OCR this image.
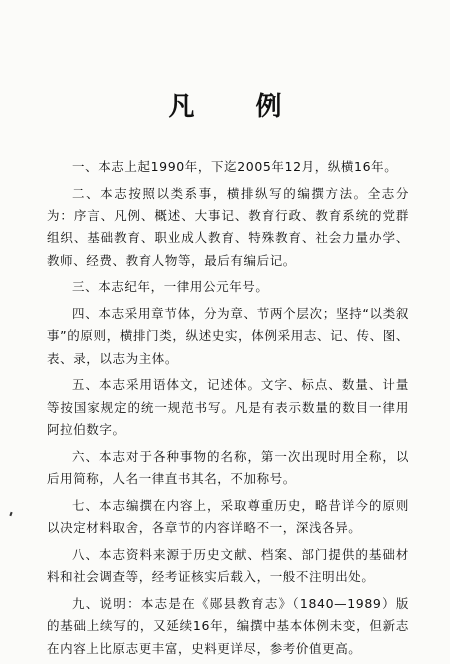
凡 例

一、本志上起1990年，下迄2005年12月，纵横16年。

二、本志按照以类系事，横排纵写的编撰方法。全志分为：序言、凡例、概述、大事记、教育行政、教育系统的党群组织、基础教育、职业成人教育、特殊教育、社会力量办学、教师、经费、教育人物等，最后有编后记。

三、本志纪年，一律用公元年号。

四、本志采用章节体，分为章、节两个层次；坚持“以类叙事”的原则，横排门类，纵述史实，体例采用志、记、传、图、表、录，以志为主体。

五、本志采用语体文，记述体。文字、标点、数量、计量等按国家规定的统一规范书写。凡是有表示数量的数目一律用阿拉伯数字。

六、本志对于各种事物的名称，第一次出现时用全称，以后用简称，人名一律直书其名，不加称号。

七、本志编撰在内容上，采取尊重历史，略昔详今的原则以决定材料取舍，各章节的内容详略不一，深浅各异。

八、本志资料来源于历史文献、档案、部门提供的基础材料和社会调查等，经考证核实后载入，一般不注明出处。

九、说明：本志是在《郧县教育志》（1840—1989）版的基础上续写的，又延续16年，编撰中基本体例未变，但新志在内容上比原志更丰富，史料更详尽，参考价值更高。
